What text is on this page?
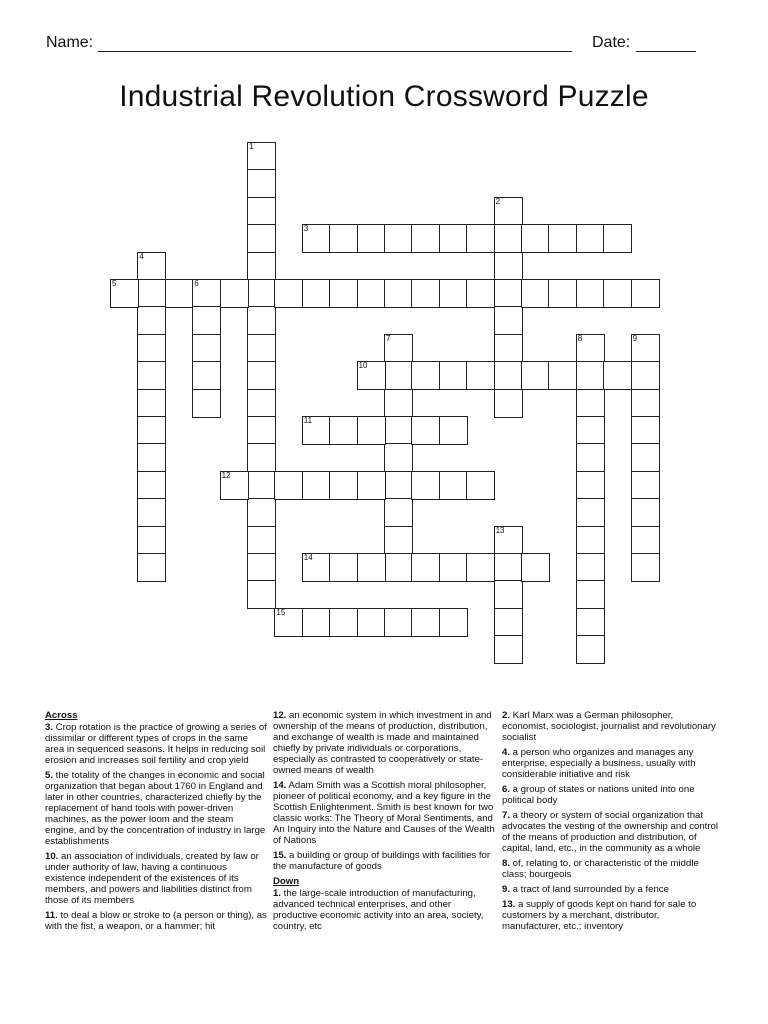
Name:	Date:
Industrial Revolution Crossword Puzzle
1
2
3
4
5	6
7	8	9
10
11
12
13
14
15

Across

3. Crop rotation is the practice of growing a series of dissimilar or different types of crops in the same area in sequenced seasons. It helps in reducing soil erosion and increases soil fertility and crop yield

5. the totality of the changes in economic and social organization that began about 1760 in England and later in other countries, characterized chiefly by the replacement of hand tools with power-driven machines, as the power loom and the steam engine, and by the concentration of industry in large establishments

10. an association of individuals, created by law or under authority of law, having a continuous existence independent of the existences of its members, and powers and liabilities distinct from those of its members

11. to deal a blow or stroke to (a person or thing), as with the fist, a weapon, or a hammer; hit

12. an economic system in which investment in and ownership of the means of production, distribution, and exchange of wealth is made and maintained chiefly by private individuals or corporations, especially as contrasted to cooperatively or state-owned means of wealth

14. Adam Smith was a Scottish moral philosopher, pioneer of political economy, and a key figure in the Scottish Enlightenment. Smith is best known for two classic works: The Theory of Moral Sentiments, and An Inquiry into the Nature and Causes of the Wealth of Nations

15. a building or group of buildings with facilities for the manufacture of goods

Down

1. the large-scale introduction of manufacturing, advanced technical enterprises, and other productive economic activity into an area, society, country, etc

2. Karl Marx was a German philosopher, economist, sociologist, journalist and revolutionary socialist

4. a person who organizes and manages any enterprise, especially a business, usually with considerable initiative and risk

6. a group of states or nations united into one political body

7. a theory or system of social organization that advocates the vesting of the ownership and control of the means of production and distribution, of capital, land, etc., in the community as a whole

8. of, relating to, or characteristic of the middle class; bourgeois

9. a tract of land surrounded by a fence

13. a supply of goods kept on hand for sale to customers by a merchant, distributor, manufacturer, etc.; inventory
